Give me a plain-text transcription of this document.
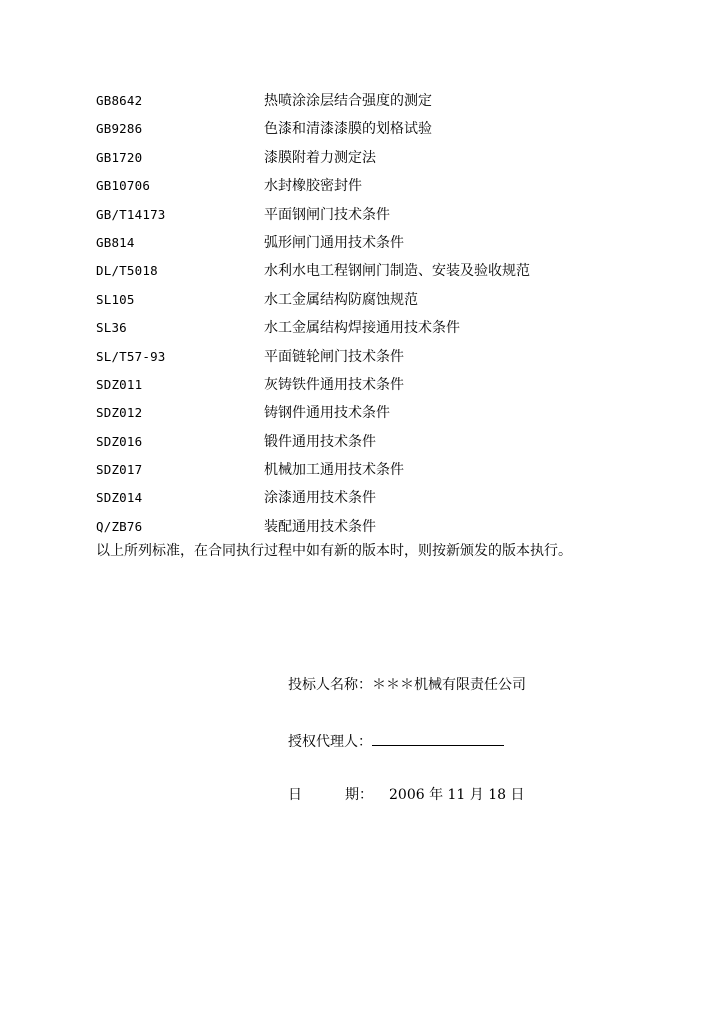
GB8642	热喷涂涂层结合强度的测定
GB9286	色漆和清漆漆膜的划格试验
GB1720	漆膜附着力测定法
GB10706	水封橡胶密封件
GB/T14173	平面钢闸门技术条件
GB814	弧形闸门通用技术条件
DL/T5018	水利水电工程钢闸门制造、安装及验收规范
SL105	水工金属结构防腐蚀规范
SL36	水工金属结构焊接通用技术条件
SL/T57-93	平面链轮闸门技术条件
SDZ011	灰铸铁件通用技术条件
SDZ012	铸钢件通用技术条件
SDZ016	锻件通用技术条件
SDZ017	机械加工通用技术条件
SDZ014	涂漆通用技术条件
Q/ZB76	装配通用技术条件
以上所列标准，在合同执行过程中如有新的版本时，则按新颁发的版本执行。
投标人名称：＊＊＊机械有限责任公司
授权代理人：
日	期： 2006 年 11 月 18 日
